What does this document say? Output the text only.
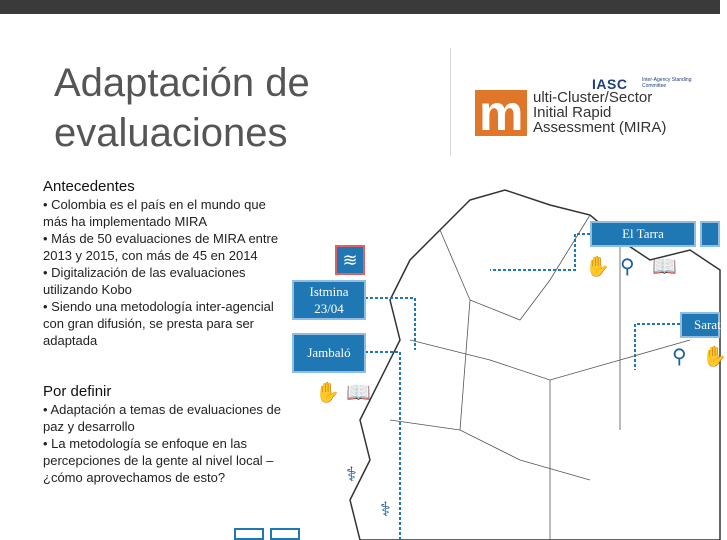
Adaptación de
evaluaciones
IASC	Inter-Agency Standing Committee
m ulti-Cluster/Sector
Initial Rapid
Assessment (MIRA)
Antecedentes
• Colombia es el país en el mundo que más ha implementado MIRA
• Más de 50 evaluaciones de MIRA entre 2013 y 2015, con más de 45 en 2014
• Digitalización de las evaluaciones utilizando Kobo
• Siendo una metodología inter-agencial con gran difusión, se presta para ser adaptada
Por definir
• Adaptación a temas de evaluaciones de paz y desarrollo
• La metodología se enfoque en las percepciones de la gente al nivel local – ¿cómo aprovechamos de esto?
El Tarra
Istmina
23/04
Jambaló
Sarat
≋	✋ ⚲ 📖
✋ 📖
⚲ ✋
⚕
⚕
